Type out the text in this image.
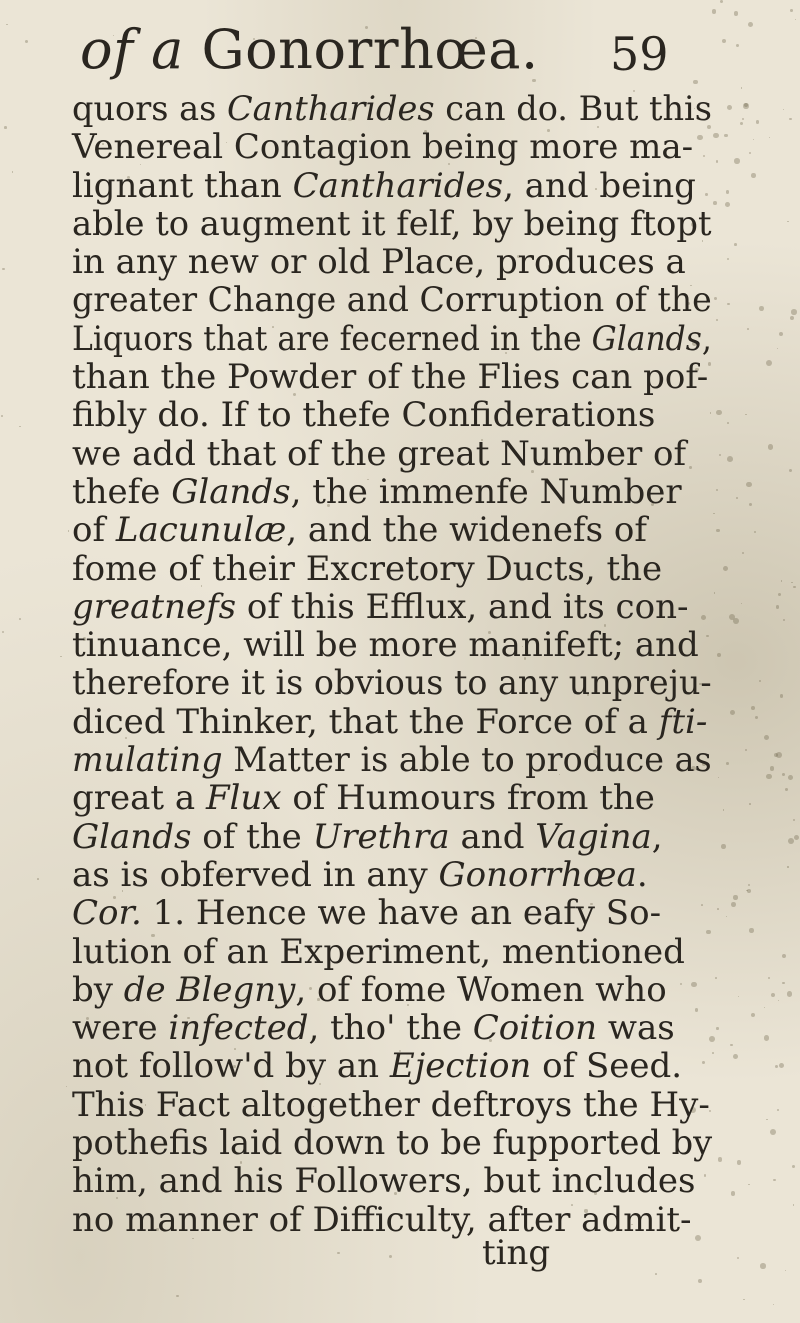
of a Gonorrhœa. 59
quors as Cantharides can do. But this
Venereal Contagion being more ma-
lignant than Cantharides, and being
able to augment it felf, by being ftopt
in any new or old Place, produces a
greater Change and Corruption of the
Liquors that are fecerned in the Glands,
than the Powder of the Flies can pof-
fibly do. If to thefe Confiderations
we add that of the great Number of
thefe Glands, the immenfe Number
of Lacunulæ, and the widenefs of
fome of their Excretory Ducts, the
greatnefs of this Efflux, and its con-
tinuance, will be more manifeft; and
therefore it is obvious to any unpreju-
diced Thinker, that the Force of a fti-
mulating Matter is able to produce as
great a Flux of Humours from the
Glands of the Urethra and Vagina,
as is obferved in any Gonorrhœa.
Cor. 1. Hence we have an eafy So-
lution of an Experiment, mentioned
by de Blegny, of fome Women who
were infected, tho' the Coition was
not follow'd by an Ejection of Seed.
This Fact altogether deftroys the Hy-
pothefis laid down to be fupported by
him, and his Followers, but includes
no manner of Difficulty, after admit-
ting
